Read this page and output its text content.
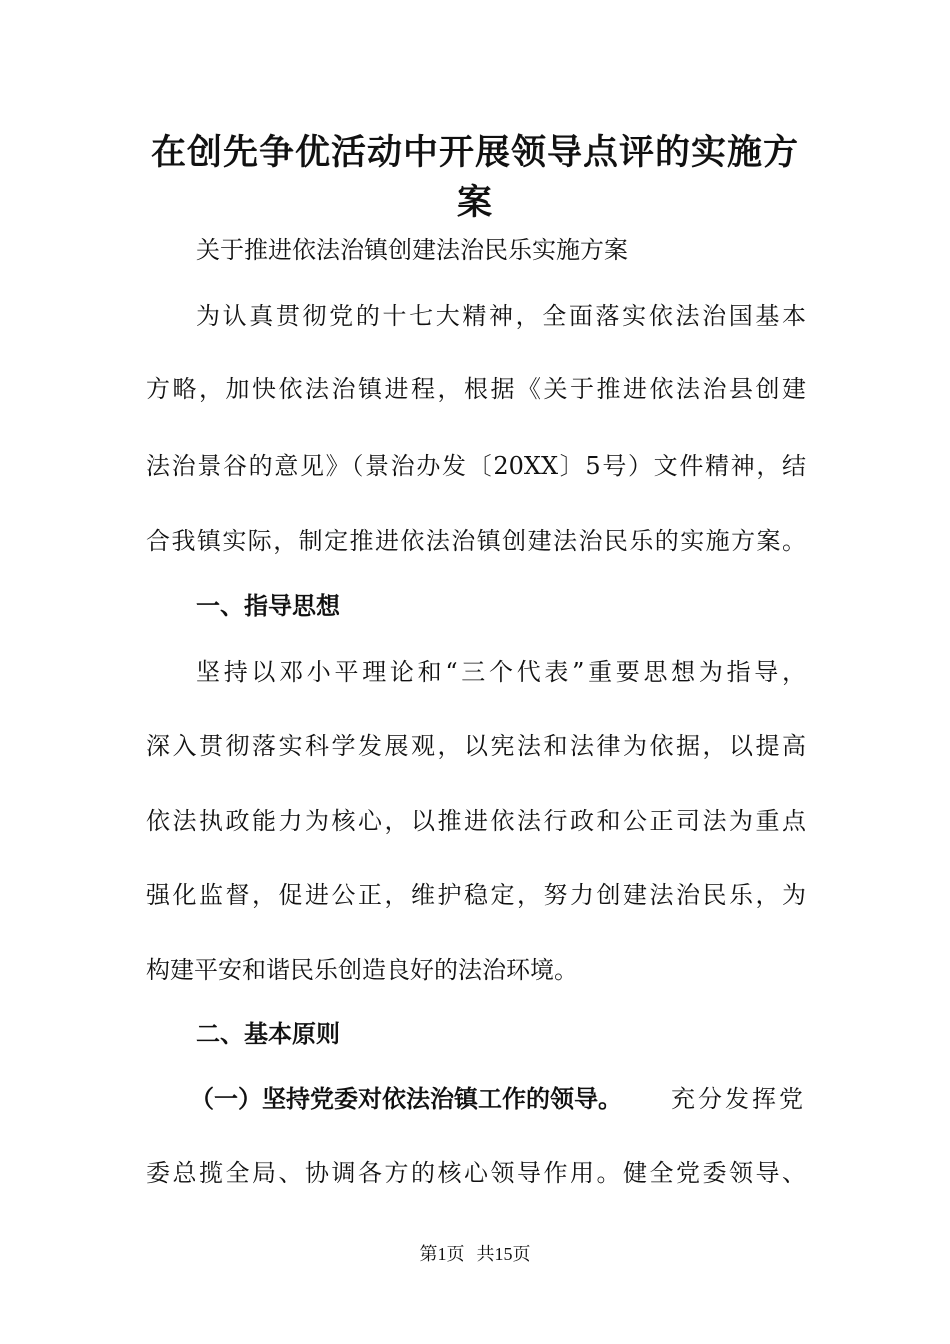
在创先争优活动中开展领导点评的实施方
案
关于推进依法治镇创建法治民乐实施方案
为认真贯彻党的十七大精神，全面落实依法治国基本
方略，加快依法治镇进程，根据《关于推进依法治县创建
法治景谷的意见》（景治办发〔20XX〕5号）文件精神，结
合我镇实际，制定推进依法治镇创建法治民乐的实施方案。
一、指导思想
坚持以邓小平理论和“三个代表”重要思想为指导，
深入贯彻落实科学发展观，以宪法和法律为依据，以提高
依法执政能力为核心，以推进依法行政和公正司法为重点
强化监督，促进公正，维护稳定，努力创建法治民乐，为
构建平安和谐民乐创造良好的法治环境。
二、基本原则
（一）坚持党委对依法治镇工作的领导。 充分发挥党
委总揽全局、协调各方的核心领导作用。健全党委领导、
第1页 共15页
